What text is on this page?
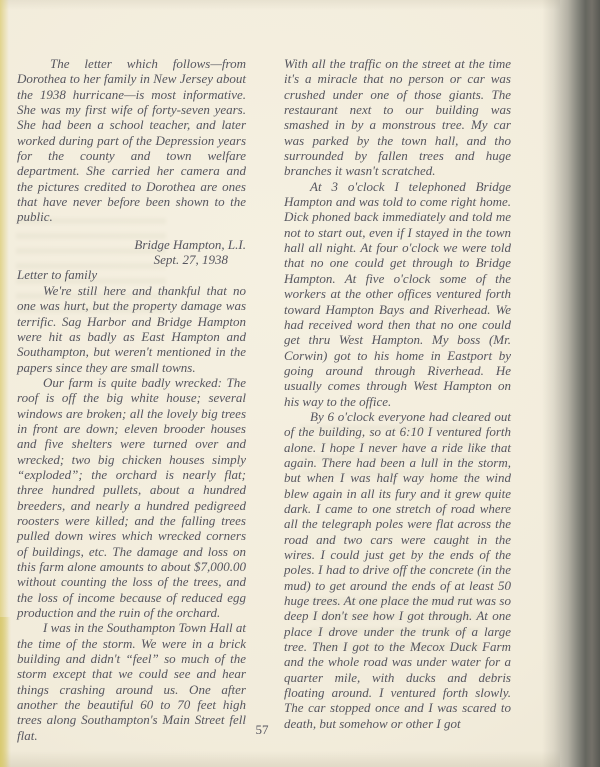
The letter which follows—from Dorothea to her family in New Jersey about the 1938 hurricane—is most informative. She was my first wife of forty-seven years. She had been a school teacher, and later worked during part of the Depression years for the county and town welfare department. She carried her camera and the pictures credited to Dorothea are ones that have never before been shown to the public.

Bridge Hampton, L.I.
Sept. 27, 1938

Letter to family

We're still here and thankful that no one was hurt, but the property damage was terrific. Sag Harbor and Bridge Hampton were hit as badly as East Hampton and Southampton, but weren't mentioned in the papers since they are small towns.

Our farm is quite badly wrecked: The roof is off the big white house; several windows are broken; all the lovely big trees in front are down; eleven brooder houses and five shelters were turned over and wrecked; two big chicken houses simply “exploded”; the orchard is nearly flat; three hundred pullets, about a hundred breeders, and nearly a hundred pedigreed roosters were killed; and the falling trees pulled down wires which wrecked corners of buildings, etc. The damage and loss on this farm alone amounts to about $7,000.00 without counting the loss of the trees, and the loss of income because of reduced egg production and the ruin of the orchard.

I was in the Southampton Town Hall at the time of the storm. We were in a brick building and didn't “feel” so much of the storm except that we could see and hear things crashing around us. One after another the beautiful 60 to 70 feet high trees along Southampton's Main Street fell flat.

With all the traffic on the street at the time it's a miracle that no person or car was crushed under one of those giants. The restaurant next to our building was smashed in by a monstrous tree. My car was parked by the town hall, and tho surrounded by fallen trees and huge branches it wasn't scratched.

At 3 o'clock I telephoned Bridge Hampton and was told to come right home. Dick phoned back immediately and told me not to start out, even if I stayed in the town hall all night. At four o'clock we were told that no one could get through to Bridge Hampton. At five o'clock some of the workers at the other offices ventured forth toward Hampton Bays and Riverhead. We had received word then that no one could get thru West Hampton. My boss (Mr. Corwin) got to his home in Eastport by going around through Riverhead. He usually comes through West Hampton on his way to the office.

By 6 o'clock everyone had cleared out of the building, so at 6:10 I ventured forth alone. I hope I never have a ride like that again. There had been a lull in the storm, but when I was half way home the wind blew again in all its fury and it grew quite dark. I came to one stretch of road where all the telegraph poles were flat across the road and two cars were caught in the wires. I could just get by the ends of the poles. I had to drive off the concrete (in the mud) to get around the ends of at least 50 huge trees. At one place the mud rut was so deep I don't see how I got through. At one place I drove under the trunk of a large tree. Then I got to the Mecox Duck Farm and the whole road was under water for a quarter mile, with ducks and debris floating around. I ventured forth slowly. The car stopped once and I was scared to death, but somehow or other I got

57
